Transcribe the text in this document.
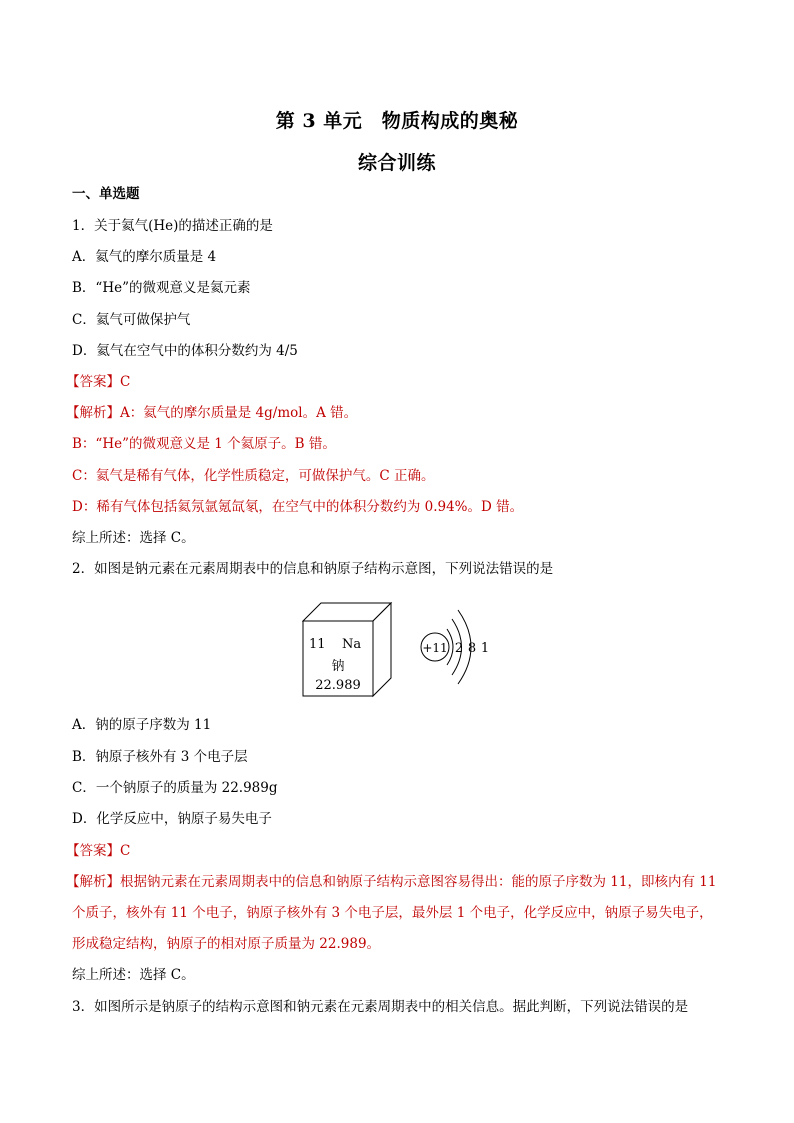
第 3 单元　物质构成的奥秘
综合训练
一、单选题
1．关于氦气(He)的描述正确的是
A．氦气的摩尔质量是 4
B．“He”的微观意义是氦元素
C．氦气可做保护气
D．氦气在空气中的体积分数约为 4/5
【答案】C
【解析】A：氦气的摩尔质量是 4g/mol。A 错。
B：“He”的微观意义是 1 个氦原子。B 错。
C：氦气是稀有气体，化学性质稳定，可做保护气。C 正确。
D：稀有气体包括氦氖氩氪氙氡，在空气中的体积分数约为 0.94%。D 错。
综上所述：选择 C。
2．如图是钠元素在元素周期表中的信息和钠原子结构示意图，下列说法错误的是
11 Na
钠
22.989
+11 2 8 1
A．钠的原子序数为 11
B．钠原子核外有 3 个电子层
C．一个钠原子的质量为 22.989g
D．化学反应中，钠原子易失电子
【答案】C
【解析】根据钠元素在元素周期表中的信息和钠原子结构示意图容易得出：能的原子序数为 11，即核内有 11
个质子，核外有 11 个电子，钠原子核外有 3 个电子层，最外层 1 个电子，化学反应中，钠原子易失电子，
形成稳定结构，钠原子的相对原子质量为 22.989。
综上所述：选择 C。
3．如图所示是钠原子的结构示意图和钠元素在元素周期表中的相关信息。据此判断，下列说法错误的是
